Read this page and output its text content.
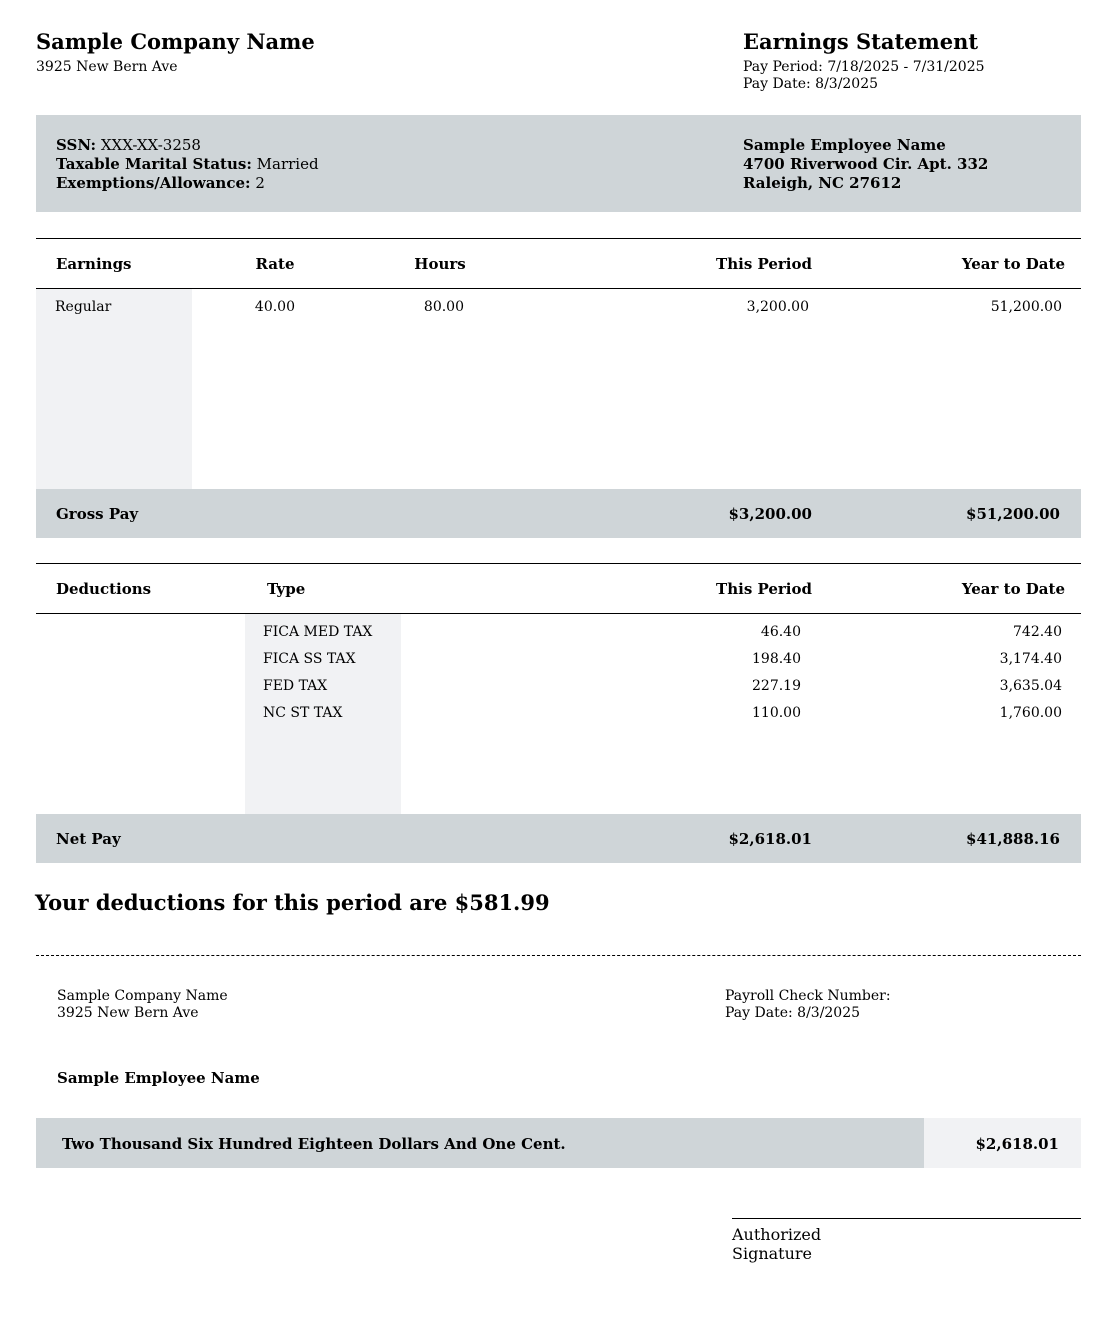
Sample Company Name
3925 New Bern Ave
Earnings Statement
Pay Period: 7/18/2025 - 7/31/2025
Pay Date: 8/3/2025
SSN: XXX-XX-3258
Taxable Marital Status: Married
Exemptions/Allowance: 2
Sample Employee Name
4700 Riverwood Cir. Apt. 332
Raleigh, NC 27612
Earnings	Rate	Hours	This Period	Year to Date
Regular	40.00	80.00	3,200.00	51,200.00
Gross Pay	$3,200.00	$51,200.00
Deductions	Type	This Period	Year to Date
FICA MED TAX	46.40	742.40
FICA SS TAX	198.40	3,174.40
FED TAX	227.19	3,635.04
NC ST TAX	110.00	1,760.00
Net Pay	$2,618.01	$41,888.16
Your deductions for this period are $581.99
Sample Company Name
3925 New Bern Ave
Payroll Check Number:
Pay Date: 8/3/2025
Sample Employee Name
Two Thousand Six Hundred Eighteen Dollars And One Cent.	$2,618.01
Authorized
Signature
